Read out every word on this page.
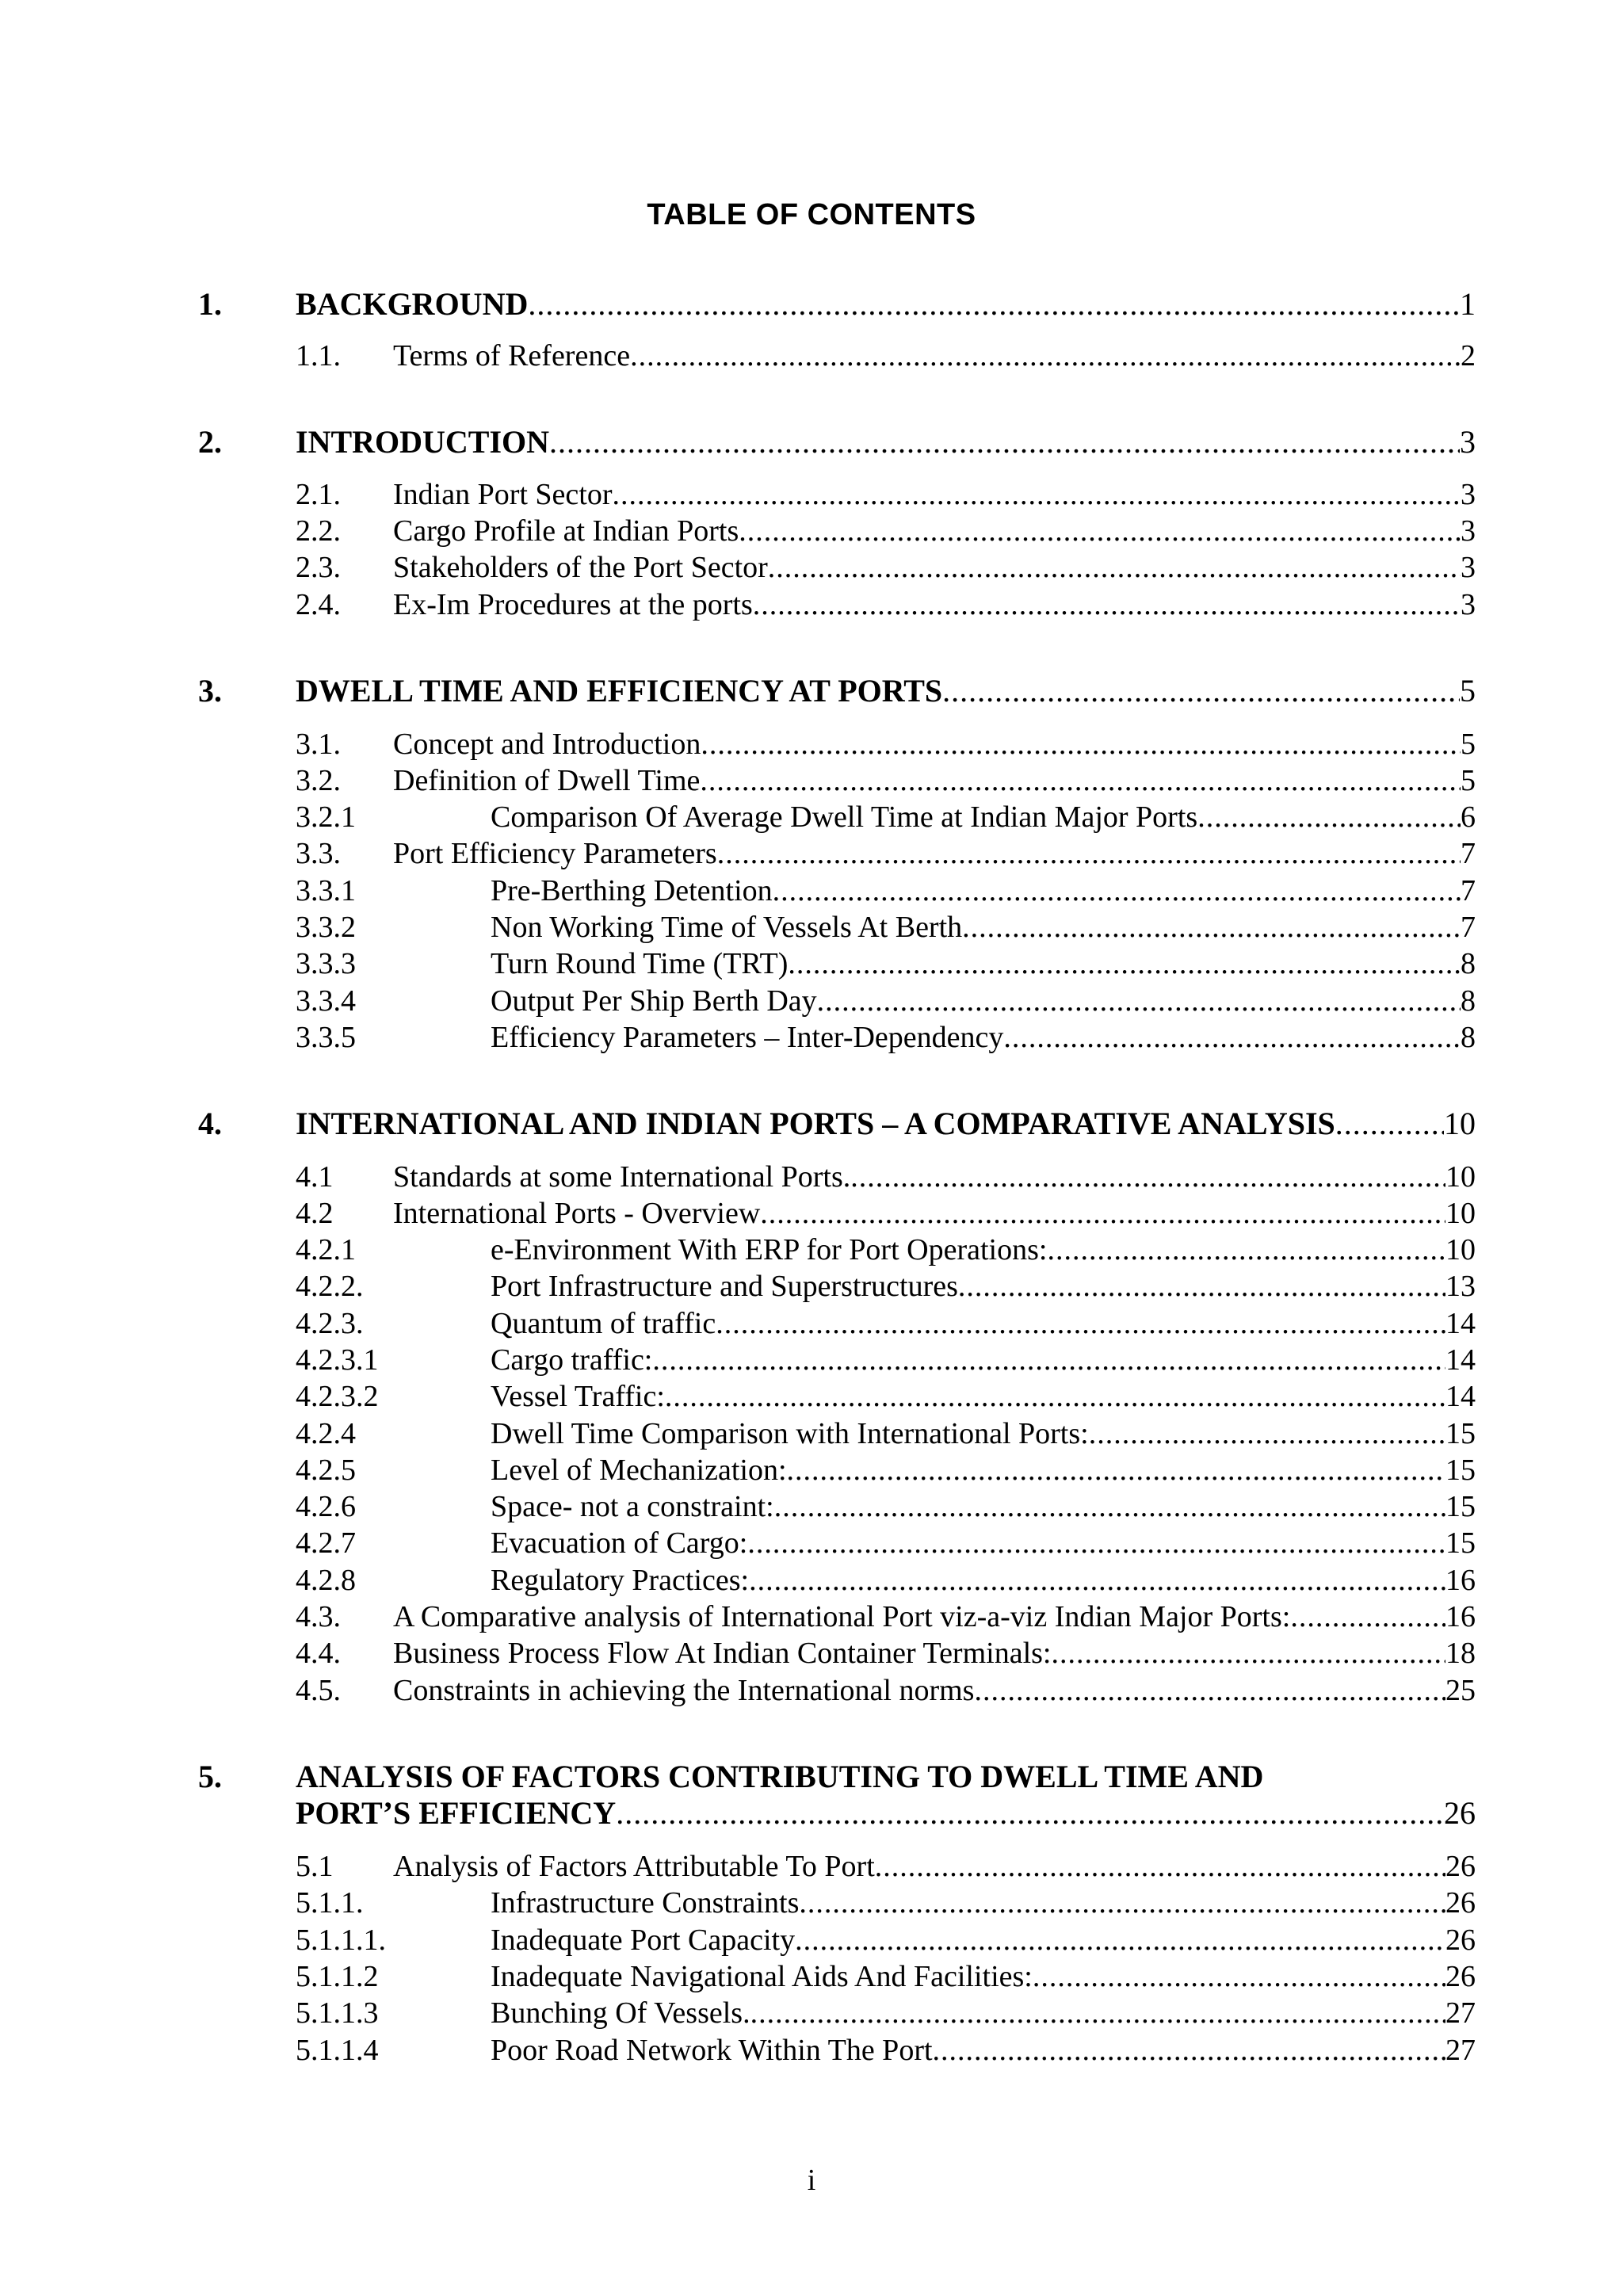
TABLE OF CONTENTS
1. BACKGROUND .....	1
1.1. Terms of Reference .....	2
2. INTRODUCTION .....	3
2.1. Indian Port Sector .....	3
2.2. Cargo Profile at Indian Ports .....	3
2.3. Stakeholders of the Port Sector .....	3
2.4. Ex-Im Procedures at the ports .....	3
3. DWELL TIME AND EFFICIENCY AT PORTS .....	5
3.1. Concept and Introduction .....	5
3.2. Definition of Dwell Time .....	5
3.2.1	Comparison Of Average Dwell Time at Indian Major Ports .....	6
3.3. Port Efficiency Parameters .....	7
3.3.1	Pre-Berthing Detention .....	7
3.3.2	Non Working Time of Vessels At Berth .....	7
3.3.3	Turn Round Time (TRT) .....	8
3.3.4	Output Per Ship Berth Day .....	8
3.3.5	Efficiency Parameters – Inter-Dependency .....	8
4. INTERNATIONAL AND INDIAN PORTS – A COMPARATIVE ANALYSIS .....	10
4.1 Standards at some International Ports. .....	10
4.2 International Ports - Overview .....	10
4.2.1	e-Environment With ERP for Port Operations: .....	10
4.2.2.	Port Infrastructure and Superstructures .....	13
4.2.3.	Quantum of traffic .....	14
4.2.3.1	Cargo traffic: .....	14
4.2.3.2	Vessel Traffic: .....	14
4.2.4	Dwell Time Comparison with International Ports: .....	15
4.2.5	Level of Mechanization: .....	15
4.2.6	Space- not a constraint: .....	15
4.2.7	Evacuation of Cargo: .....	15
4.2.8	Regulatory Practices: .....	16
4.3. A Comparative analysis of International Port viz-a-viz Indian Major Ports: .....	16
4.4. Business Process Flow At Indian Container Terminals: .....	18
4.5. Constraints in achieving the International norms .....	25
5. ANALYSIS OF FACTORS CONTRIBUTING TO DWELL TIME AND
PORT’S EFFICIENCY .....	26
5.1 Analysis of Factors Attributable To Port .....	26
5.1.1.	Infrastructure Constraints .....	26
5.1.1.1.	Inadequate Port Capacity .....	26
5.1.1.2	Inadequate Navigational Aids And Facilities: .....	26
5.1.1.3	Bunching Of Vessels. .....	27
5.1.1.4	Poor Road Network Within The Port .....	27
i
